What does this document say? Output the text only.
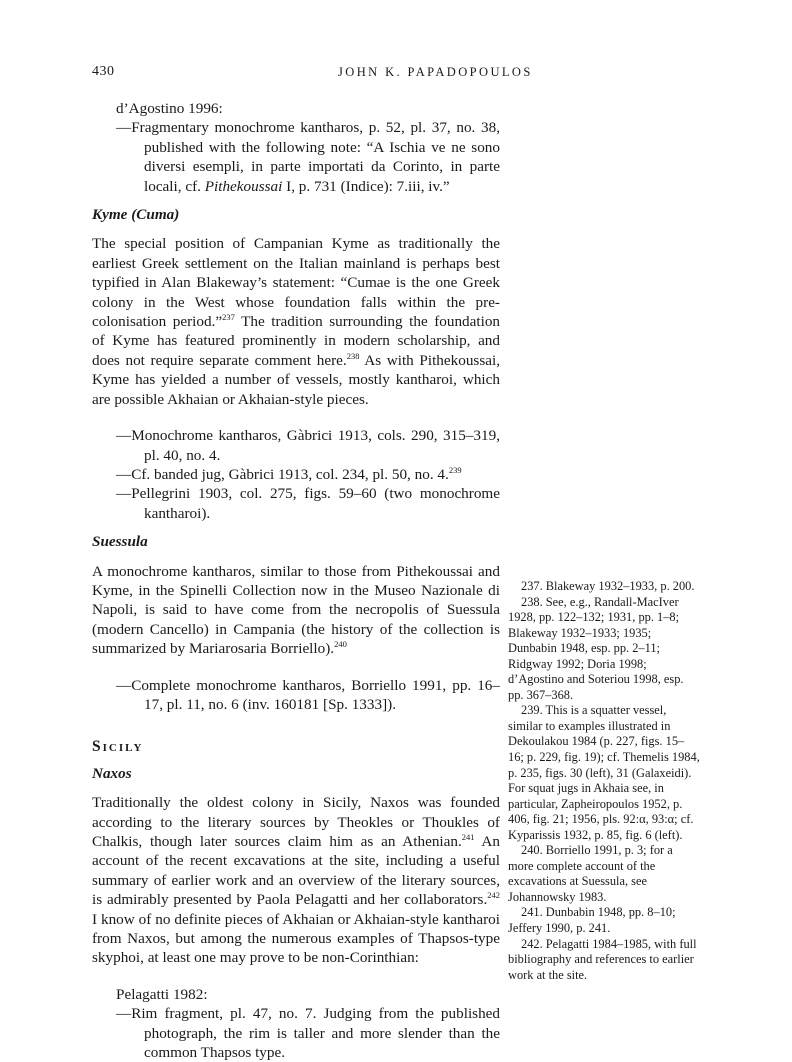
430	JOHN K. PAPADOPOULOS

d’Agostino 1996:

—Fragmentary monochrome kantharos, p. 52, pl. 37, no. 38, published with the following note: “A Ischia ve ne sono diversi esempli, in parte importati da Corinto, in parte locali, cf. Pithekoussai I, p. 731 (Indice): 7.iii, iv.”

Kyme (Cuma)

The special position of Campanian Kyme as traditionally the earliest Greek settlement on the Italian mainland is perhaps best typified in Alan Blakeway’s statement: “Cumae is the one Greek colony in the West whose foundation falls within the pre-colonisation period.”$^{237}$ The tradition surrounding the foundation of Kyme has featured prominently in modern scholarship, and does not require separate comment here.$^{238}$ As with Pithekoussai, Kyme has yielded a number of vessels, mostly kantharoi, which are possible Akhaian or Akhaian-style pieces.

—Monochrome kantharos, Gàbrici 1913, cols. 290, 315–319, pl. 40, no. 4.

—Cf. banded jug, Gàbrici 1913, col. 234, pl. 50, no. 4.$^{239}$

—Pellegrini 1903, col. 275, figs. 59–60 (two monochrome kantharoi).

Suessula

A monochrome kantharos, similar to those from Pithekoussai and Kyme, in the Spinelli Collection now in the Museo Nazionale di Napoli, is said to have come from the necropolis of Suessula (modern Cancello) in Campania (the history of the collection is summarized by Mariarosaria Borriello).$^{240}$

—Complete monochrome kantharos, Borriello 1991, pp. 16–17, pl. 11, no. 6 (inv. 160181 [Sp. 1333]).

Sicily

Naxos

Traditionally the oldest colony in Sicily, Naxos was founded according to the literary sources by Theokles or Thoukles of Chalkis, though later sources claim him as an Athenian.$^{241}$ An account of the recent excavations at the site, including a useful summary of earlier work and an overview of the literary sources, is admirably presented by Paola Pelagatti and her collaborators.$^{242}$ I know of no definite pieces of Akhaian or Akhaian-style kantharoi from Naxos, but among the numerous examples of Thapsos-type skyphoi, at least one may prove to be non-Corinthian:

Pelagatti 1982:

—Rim fragment, pl. 47, no. 7. Judging from the published photograph, the rim is taller and more slender than the common Thapsos type.

237. Blakeway 1932–1933, p. 200.

238. See, e.g., Randall-MacIver 1928, pp. 122–132; 1931, pp. 1–8; Blakeway 1932–1933; 1935; Dunbabin 1948, esp. pp. 2–11; Ridgway 1992; Doria 1998; d’Agostino and Soteriou 1998, esp. pp. 367–368.

239. This is a squatter vessel, similar to examples illustrated in Dekoulakou 1984 (p. 227, figs. 15–16; p. 229, fig. 19); cf. Themelis 1984, p. 235, figs. 30 (left), 31 (Galaxeidi). For squat jugs in Akhaia see, in particular, Zapheiropoulos 1952, p. 406, fig. 21; 1956, pls. 92:α, 93:α; cf. Kyparissis 1932, p. 85, fig. 6 (left).

240. Borriello 1991, p. 3; for a more complete account of the excavations at Suessula, see Johannowsky 1983.

241. Dunbabin 1948, pp. 8–10; Jeffery 1990, p. 241.

242. Pelagatti 1984–1985, with full bibliography and references to earlier work at the site.
